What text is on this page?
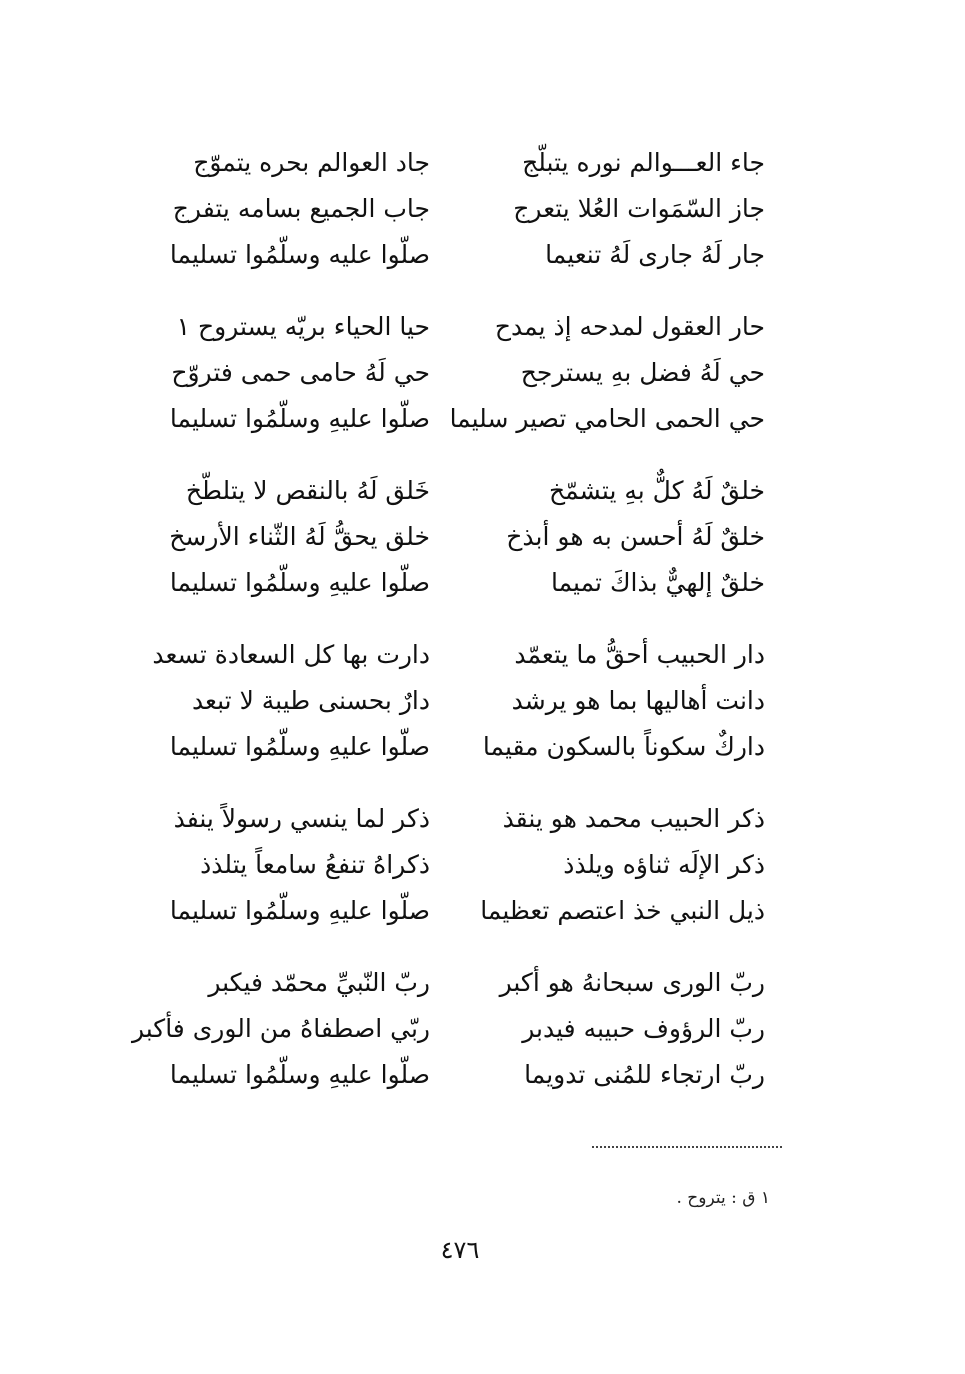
جاء العـــوالم نوره يتبلّج
جاد العوالم بحره يتموّج
جاز السّمَوات العُلا يتعرج
جاب الجميع بسامه يتفرج
جار لَهُ جارى لَهُ تنعيما
صلّوا عليه وسلّمُوا تسليما
حار العقول لمدحه إذ يمدح
حيا الحياء بريّه يستروح ١
حي لَهُ فضل بهِ يسترجح
حي لَهُ حامى حمى فتروّح
حي الحمى الحامي تصير سليما
صلّوا عليهِ وسلّمُوا تسليما
خلقٌ لَهُ كلٌّ بهِ يتشمّخ
خَلق لَهُ بالنقص لا يتلطّخ
خلقٌ لَهُ أحسن به هو أبذخ
خلق يحقُّ لَهُ الثّناء الأرسخ
خلقٌ إلهيٌّ بذاكَ تميما
صلّوا عليهِ وسلّمُوا تسليما
دار الحبيب أحقُّ ما يتعمّد
دارت بها كل السعادة تسعد
دانت أهاليها بما هو يرشد
دارٌ بحسنى طيبة لا تبعد
داركٌ سكوناً بالسكون مقيما
صلّوا عليهِ وسلّمُوا تسليما
ذكر الحبيب محمد هو ينقذ
ذكر لما ينسي رسولاً ينفذ
ذكر الإلَه ثناؤه ويلذذ
ذكراهُ تنفعُ سامعاً يتلذذ
ذيل النبي خذ اعتصم تعظيما
صلّوا عليهِ وسلّمُوا تسليما
ربّ الورى سبحانهُ هو أكبر
ربّ النّبيِّ محمّد فيكبر
ربّ الرؤوف حبيبه فيدبر
ربّي اصطفاهُ من الورى فأكبر
ربّ ارتجاء للمُنى تدويما
صلّوا عليهِ وسلّمُوا تسليما
١ ق : يتروح .
٤٧٦
